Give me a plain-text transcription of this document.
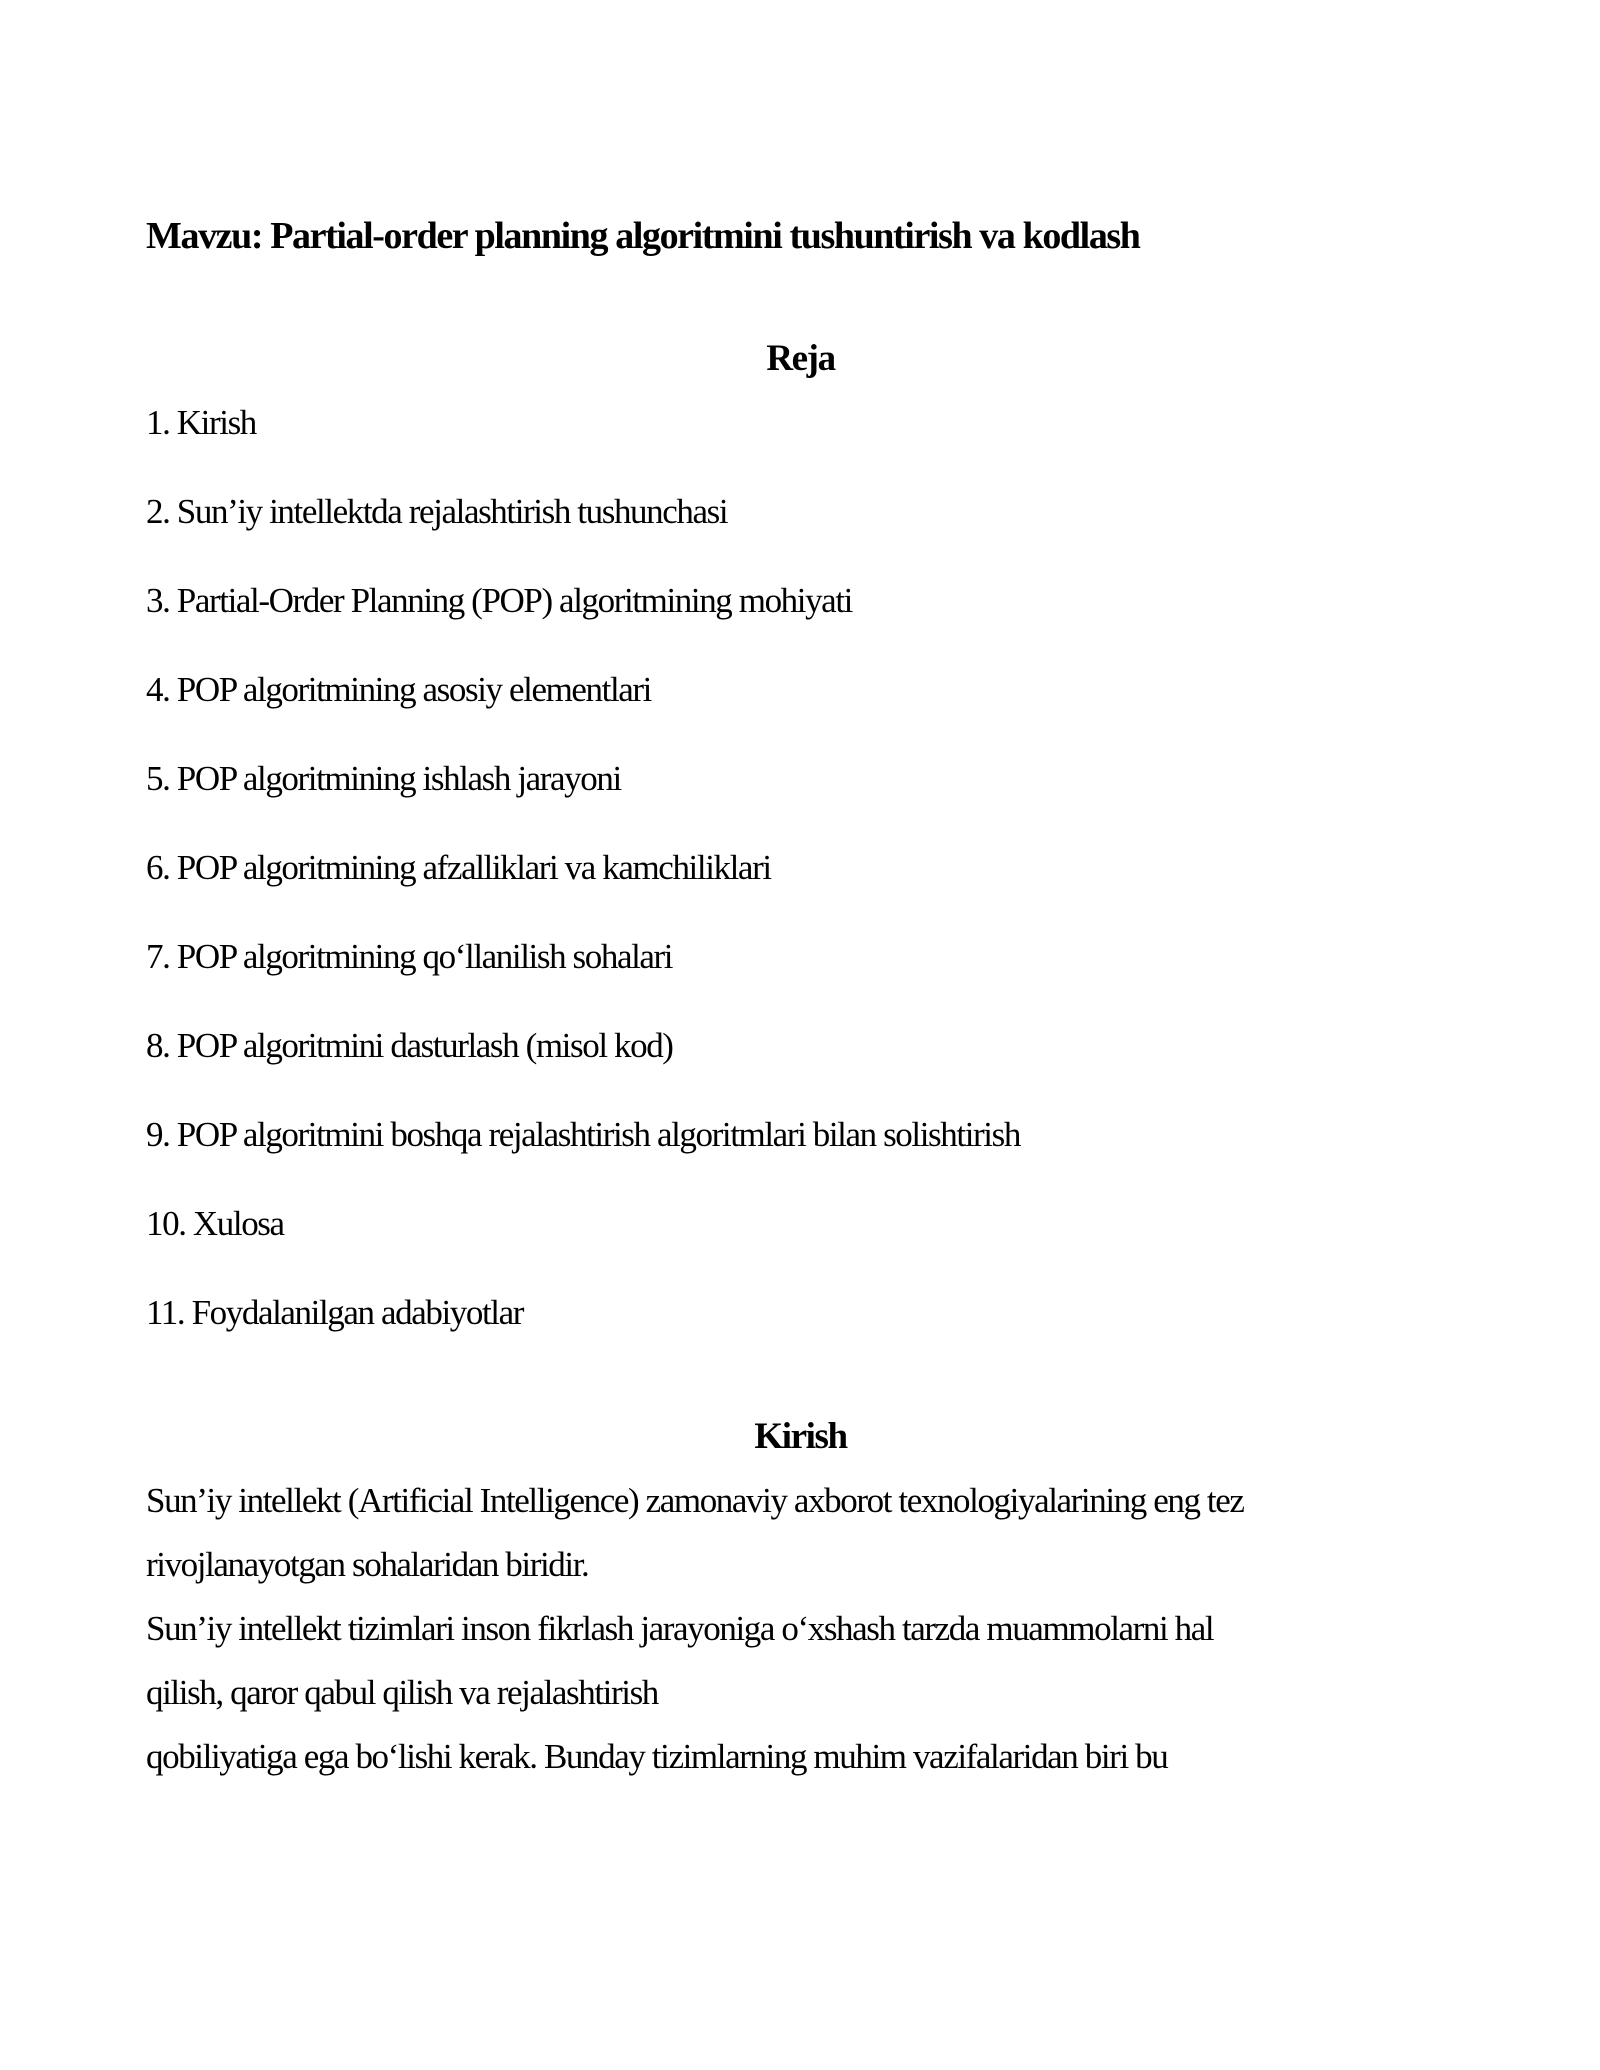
Mavzu: Partial-order planning algoritmini tushuntirish va kodlash
Reja
1. Kirish
2. Sun’iy intellektda rejalashtirish tushunchasi
3. Partial-Order Planning (POP) algoritmining mohiyati
4. POP algoritmining asosiy elementlari
5. POP algoritmining ishlash jarayoni
6. POP algoritmining afzalliklari va kamchiliklari
7. POP algoritmining qoʻllanilish sohalari
8. POP algoritmini dasturlash (misol kod)
9. POP algoritmini boshqa rejalashtirish algoritmlari bilan solishtirish
10. Xulosa
11. Foydalanilgan adabiyotlar
Kirish
Sun’iy intellekt (Artificial Intelligence) zamonaviy axborot texnologiyalarining eng tez
rivojlanayotgan sohalaridan biridir.
Sun’iy intellekt tizimlari inson fikrlash jarayoniga oʻxshash tarzda muammolarni hal
qilish, qaror qabul qilish va rejalashtirish
qobiliyatiga ega boʻlishi kerak. Bunday tizimlarning muhim vazifalaridan biri bu
